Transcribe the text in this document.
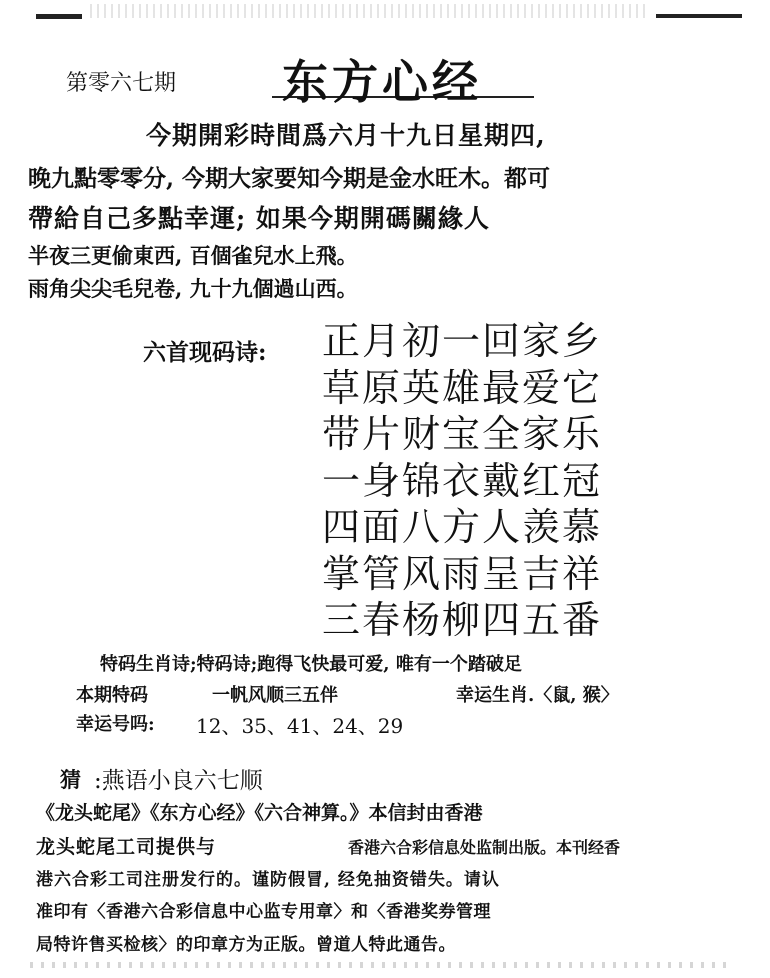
第零六七期 东方心经
今期開彩時間爲六月十九日星期四,
晚九點零零分, 今期大家要知今期是金水旺木。都可
帶給自己多點幸運; 如果今期開碼關緣人
半夜三更偷東西, 百個雀兒水上飛。
雨角尖尖毛兒卷, 九十九個過山西。
六首现码诗: 正月初一回家乡
草原英雄最爱它
带片财宝全家乐
一身锦衣戴红冠
四面八方人羡慕
掌管风雨呈吉祥
三春杨柳四五番
特码生肖诗;特码诗;跑得飞快最可爱, 唯有一个踏破足
本期特码	一帆风顺三五伴	幸运生肖.〈鼠, 猴〉
幸运号吗: 12、35、41、24、29
猜 :燕语小良六七顺
《龙头蛇尾》《东方心经》《六合神算。》本信封由香港
龙头蛇尾工司提供与	香港六合彩信息处监制出版。本刊经香
港六合彩工司注册发行的。谨防假冒, 经免抽资错失。请认
准印有〈香港六合彩信息中心监专用章〉和〈香港奖券管理
局特许售买检核〉的印章方为正版。曾道人特此通告。
